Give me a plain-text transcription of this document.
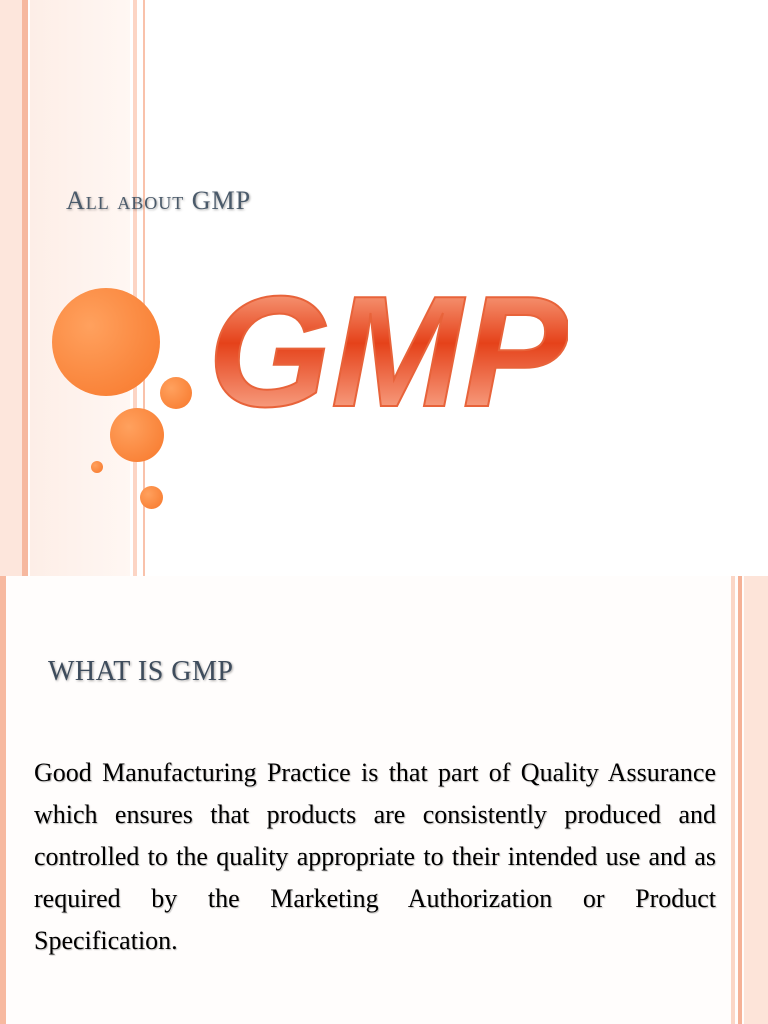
All about GMP
GMP
WHAT IS GMP
Good Manufacturing Practice is that part of Quality Assurance which ensures that products are consistently produced and controlled to the quality appropriate to their intended use and as required by the Marketing Authorization or Product Specification.
